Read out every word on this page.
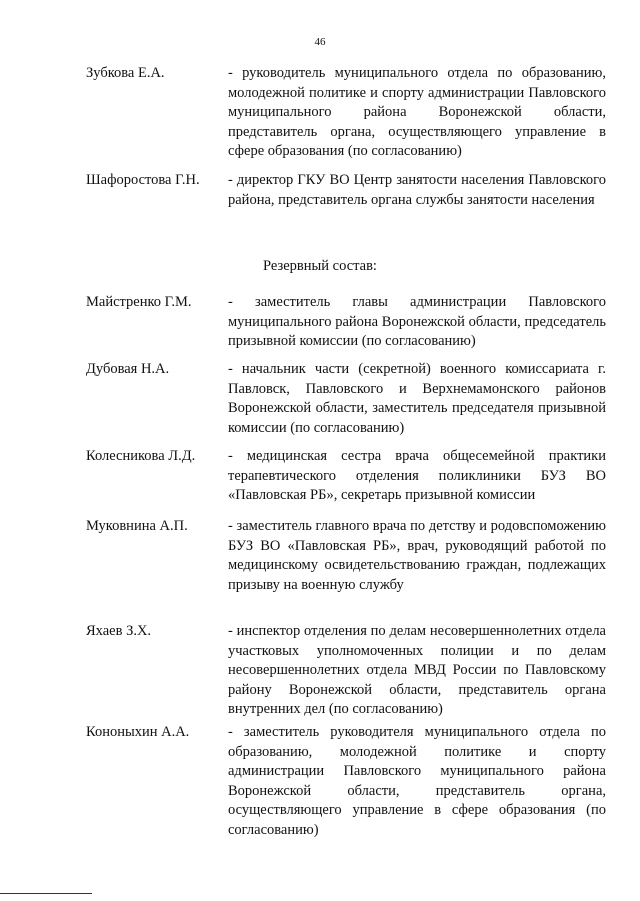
46
Зубкова Е.А.	- руководитель муниципального отдела по образованию, молодежной политике и спорту администрации Павловского муниципального района Воронежской области, представитель органа, осуществляющего управление в сфере образования (по согласованию)
Шафоростова Г.Н. - директор ГКУ ВО Центр занятости населения Павловского района, представитель органа службы занятости населения
Резервный состав:
Майстренко Г.М.	- заместитель главы администрации Павловского муниципального района Воронежской области, председатель призывной комиссии (по согласованию)
Дубовая Н.А.	- начальник части (секретной) военного комиссариата г. Павловск, Павловского и Верхнемамонского районов Воронежской области, заместитель председателя призывной комиссии (по согласованию)
Колесникова Л.Д. - медицинская сестра врача общесемейной практики терапевтического отделения поликлиники БУЗ ВО «Павловская РБ», секретарь призывной комиссии
Муковнина А.П.	- заместитель главного врача по детству и родовспоможению БУЗ ВО «Павловская РБ», врач, руководящий работой по медицинскому освидетельствованию граждан, подлежащих призыву на военную службу
Яхаев З.Х.	- инспектор отделения по делам несовершеннолетних отдела участковых уполномоченных полиции и по делам несовершеннолетних отдела МВД России по Павловскому району Воронежской области, представитель органа внутренних дел (по согласованию)
Кононыхин А.А.	- заместитель руководителя муниципального отдела по образованию, молодежной политике и спорту администрации Павловского муниципального района Воронежской области, представитель органа, осуществляющего управление в сфере образования (по согласованию)
